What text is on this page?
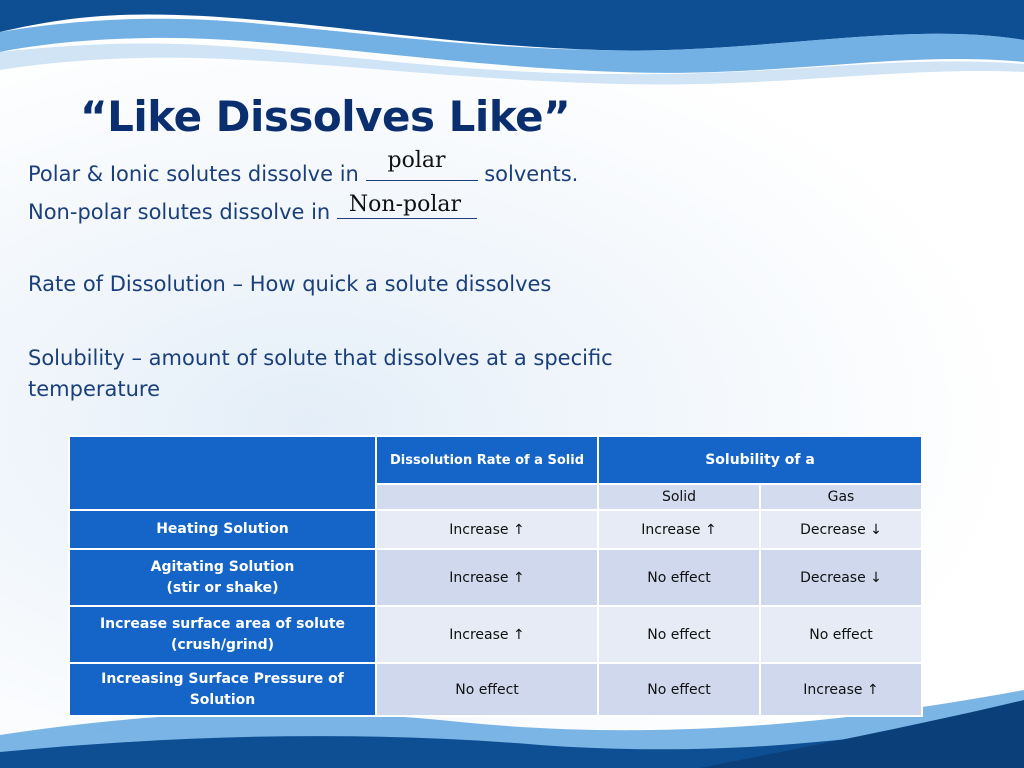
“Like Dissolves Like”
Polar & Ionic solutes dissolve in
polar
solvents.
Non-polar solutes dissolve in Non-polar
Rate of Dissolution – How quick a solute dissolves
Solubility – amount of solute that dissolves at a specific temperature
	Dissolution Rate of a Solid	Solubility of a	
		Solid	Gas
Heating Solution	Increase ↑	Increase ↑	Decrease ↓
Agitating Solution
(stir or shake)	Increase ↑	No effect	Decrease ↓
Increase surface area of solute
(crush/grind)	Increase ↑	No effect	No effect
Increasing Surface Pressure of
Solution	No effect	No effect	Increase ↑
